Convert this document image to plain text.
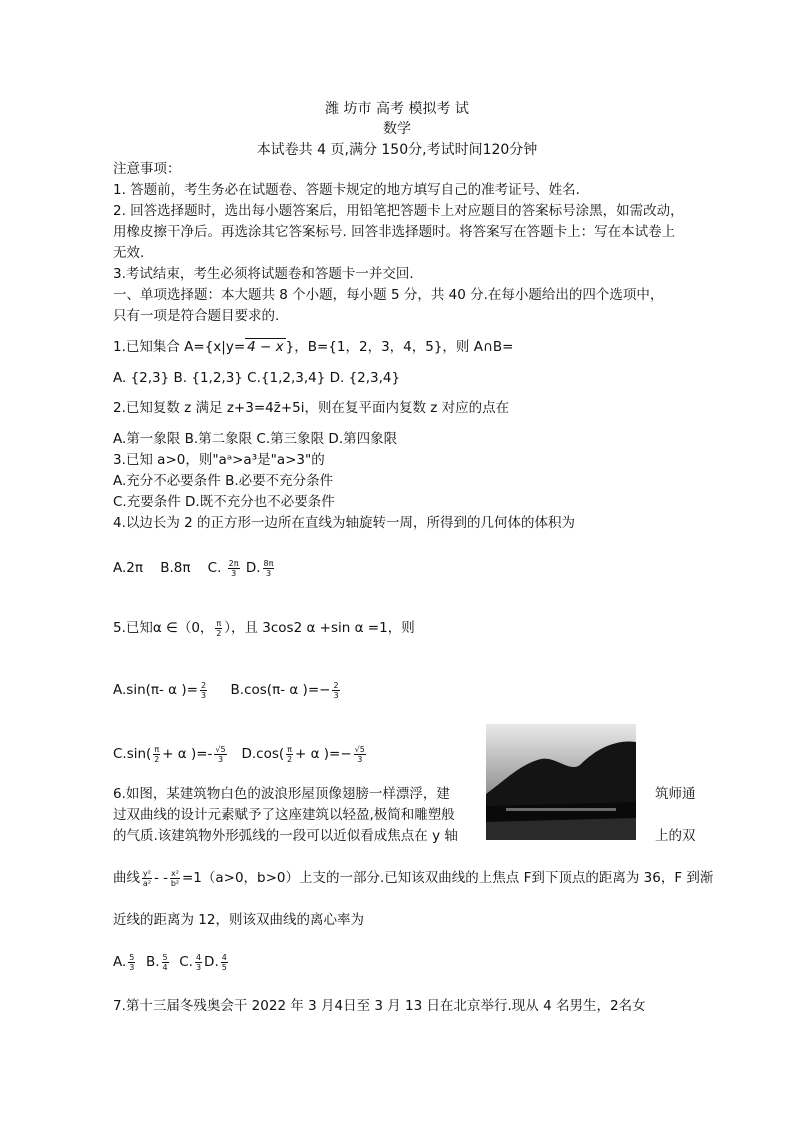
潍 坊市 高考 模拟考 试
数学
本试卷共 4 页,满分 150分,考试时间120分钟
注意事项：
1. 答题前，考生务必在试题卷、答题卡规定的地方填写自己的准考证号、姓名.
2. 回答选择题时，选出每小题答案后，用铅笔把答题卡上对应题目的答案标号涂黑，如需改动，
用橡皮擦干净后。再选涂其它答案标号. 回答非选择题时。将答案写在答题卡上：写在本试卷上
无效.
3.考试结束，考生必须将试题卷和答题卡一并交回.
一、单项选择题：本大题共 8 个小题，每小题 5 分，共 40 分.在每小题给出的四个选项中，
只有一项是符合题目要求的.
1.已知集合 A={x|y= 4 − x }，B={1，2，3，4，5}，则 A∩B=
A. {2,3} B. {1,2,3} C.{1,2,3,4} D. {2,3,4}
2.已知复数 z 满足 z+3=4z̄+5i，则在复平面内复数 z 对应的点在
A.第一象限 B.第二象限 C.第三象限 D.第四象限
3.已知 a>0，则"aᵃ>a³是"a>3"的
A.充分不必要条件 B.必要不充分条件
C.充要条件 D.既不充分也不必要条件
4.以边长为 2 的正方形一边所在直线为轴旋转一周，所得到的几何体的体积为
A.2π B.8π C. $\frac{2\pi}{3} D$. $\frac{8\pi}{3}$
5.已知α ∈（0， $\frac{\pi}{2}$ ），且 3cos2 α +sin α =1，则
A.sin(π- α )= $\frac{2}{3} B.\cos(\pi-$ α )=− $\frac{2}{3}$
$C.\sin( \frac{\pi}{2} + \alpha$ )=- $\frac{√5}{3} D.\cos( \frac{\pi}{2} + \alpha$ )=− $\frac{√5}{3}$
6.如图，某建筑物白色的波浪形屋顶像翅膀一样漂浮，建	筑师通
过双曲线的设计元素赋予了这座建筑以轻盈,极简和雕塑般
的气质.该建筑物外形弧线的一段可以近似看成焦点在 y 轴	上的双
曲线 $\frac{\text{y²}}{\text{a²}}$ - - $\frac{\text{x²}}{\text{b²}} =1(a>0$，b>0）上支的一部分.已知该双曲线的上焦点 F到下顶点的距离为 36，F 到渐
近线的距离为 12，则该双曲线的离心率为
A. $\frac{5}{3} B$. $\frac{5}{4} C$. $\frac{4}{3} D$. $\frac{4}{5}$
7.第十三届冬残奥会干 2022 年 3 月4日至 3 月 13 日在北京举行.现从 4 名男生，2名女
